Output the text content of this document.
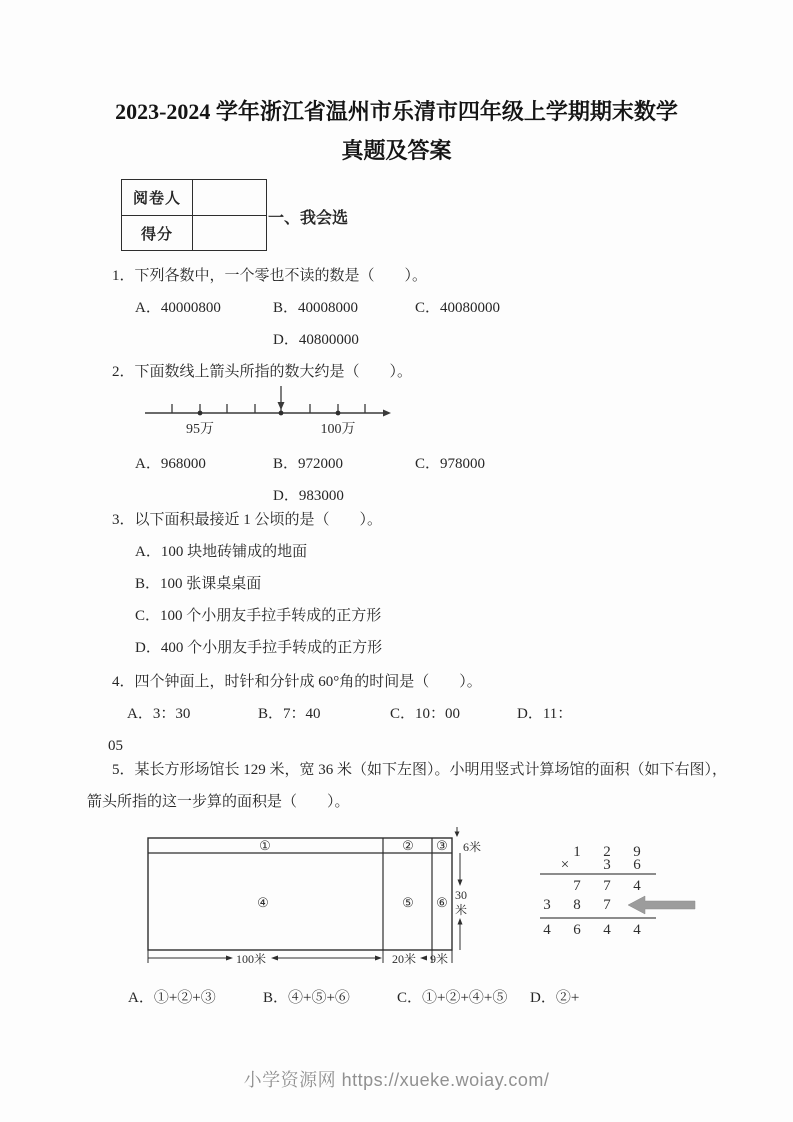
2023-2024 学年浙江省温州市乐清市四年级上学期期末数学
真题及答案
阅卷人
得分
一、我会选
1．下列各数中，一个零也不读的数是（　　）。
A．40000800	B．40008000	C．40080000
D．40800000
2．下面数线上箭头所指的数大约是（　　）。
95万	100万
A．968000	B．972000	C．978000
D．983000
3．以下面积最接近 1 公顷的是（　　）。
A．100 块地砖铺成的地面
B．100 张课桌桌面
C．100 个小朋友手拉手转成的正方形
D．400 个小朋友手拉手转成的正方形
4．四个钟面上，时针和分针成 60°角的时间是（　　）。
A．3：30	B．7：40	C．10：00	D．11：
05
5．某长方形场馆长 129 米，宽 36 米（如下左图）。小明用竖式计算场馆的面积（如下右图），
箭头所指的这一步算的面积是（　　）。
①	② ③
④	⑤ ⑥
6米
30
米
100米	20米 9米
1 2 9
× 3 6
7 7 4
3 8 7
4 6 4 4
A．①+②+③	B．④+⑤+⑥	C．①+②+④+⑤ D．②+
小学资源网 https://xueke.woiay.com/
